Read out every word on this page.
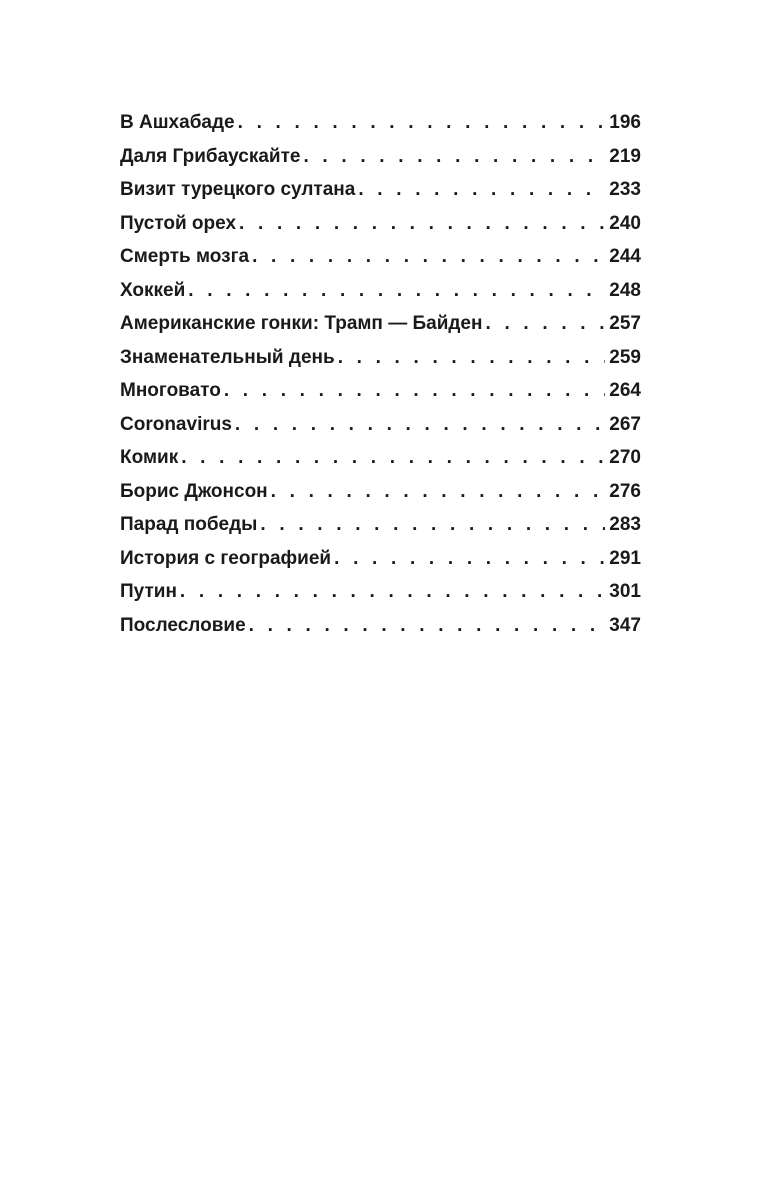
В Ашхабаде . . .	196
Даля Грибаускайте . . .	219
Визит турецкого султана . . .	233
Пустой орех . . .	240
Смерть мозга . . .	244
Хоккей . . .	248
Американские гонки: Трамп — Байден . . .	257
Знаменательный день . . .	259
Многовато . . .	264
Coronavirus . . .	267
Комик . . .	270
Борис Джонсон . . .	276
Парад победы . . .	283
История с географией . . .	291
Путин . . .	301
Послесловие . . .	347
